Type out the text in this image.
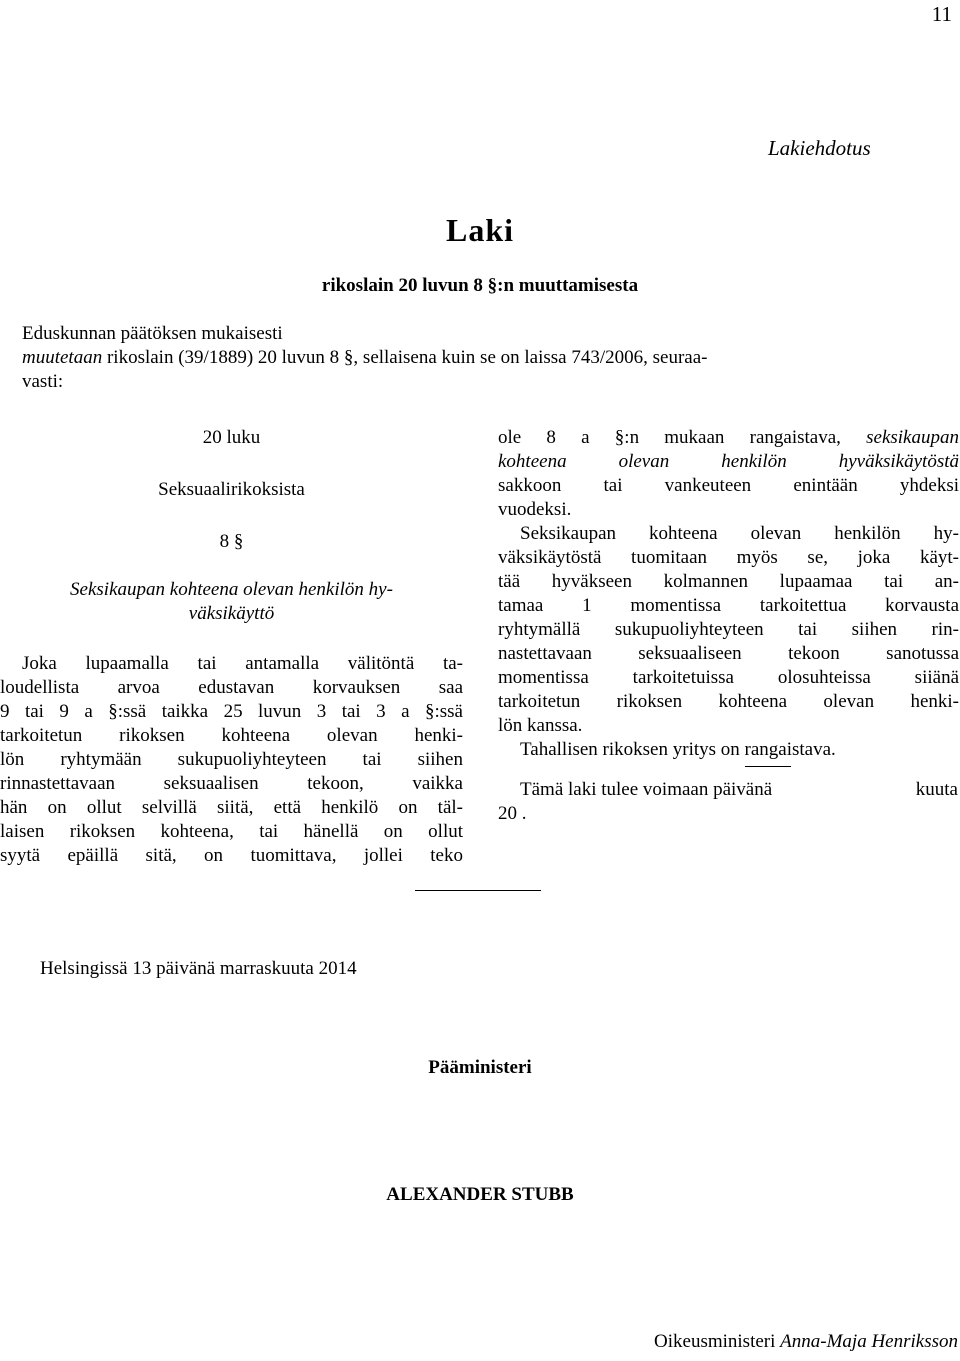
11
Lakiehdotus
Laki
rikoslain 20 luvun 8 §:n muuttamisesta
Eduskunnan päätöksen mukaisesti
muutetaan rikoslain (39/1889) 20 luvun 8 §, sellaisena kuin se on laissa 743/2006, seuraa-
vasti:
20 luku
Seksuaalirikoksista
8 §
Seksikaupan kohteena olevan henkilön hy-
väksikäyttö
Joka lupaamalla tai antamalla välitöntä ta-
loudellista arvoa edustavan korvauksen saa
9 tai 9 a §:ssä taikka 25 luvun 3 tai 3 a §:ssä
tarkoitetun rikoksen kohteena olevan henki-
lön ryhtymään sukupuoliyhteyteen tai siihen
rinnastettavaan seksuaalisen tekoon, vaikka
hän on ollut selvillä siitä, että henkilö on täl-
laisen rikoksen kohteena, tai hänellä on ollut
syytä epäillä sitä, on tuomittava, jollei teko
ole 8 a §:n mukaan rangaistava, seksikaupan
kohteena olevan henkilön hyväksikäytöstä
sakkoon tai vankeuteen enintään yhdeksi
vuodeksi.
Seksikaupan kohteena olevan henkilön hy-
väksikäytöstä tuomitaan myös se, joka käyt-
tää hyväkseen kolmannen lupaamaa tai an-
tamaa 1 momentissa tarkoitettua korvausta
ryhtymällä sukupuoliyhteyteen tai siihen rin-
nastettavaan seksuaaliseen tekoon sanotussa
momentissa tarkoitetuissa olosuhteissa siiänä
tarkoitetun rikoksen kohteena olevan henki-
lön kanssa.
Tahallisen rikoksen yritys on rangaistava.
Tämä laki tulee voimaan päivänä	kuuta
20 .
Helsingissä 13 päivänä marraskuuta 2014
Pääministeri
ALEXANDER STUBB
Oikeusministeri Anna-Maja Henriksson
